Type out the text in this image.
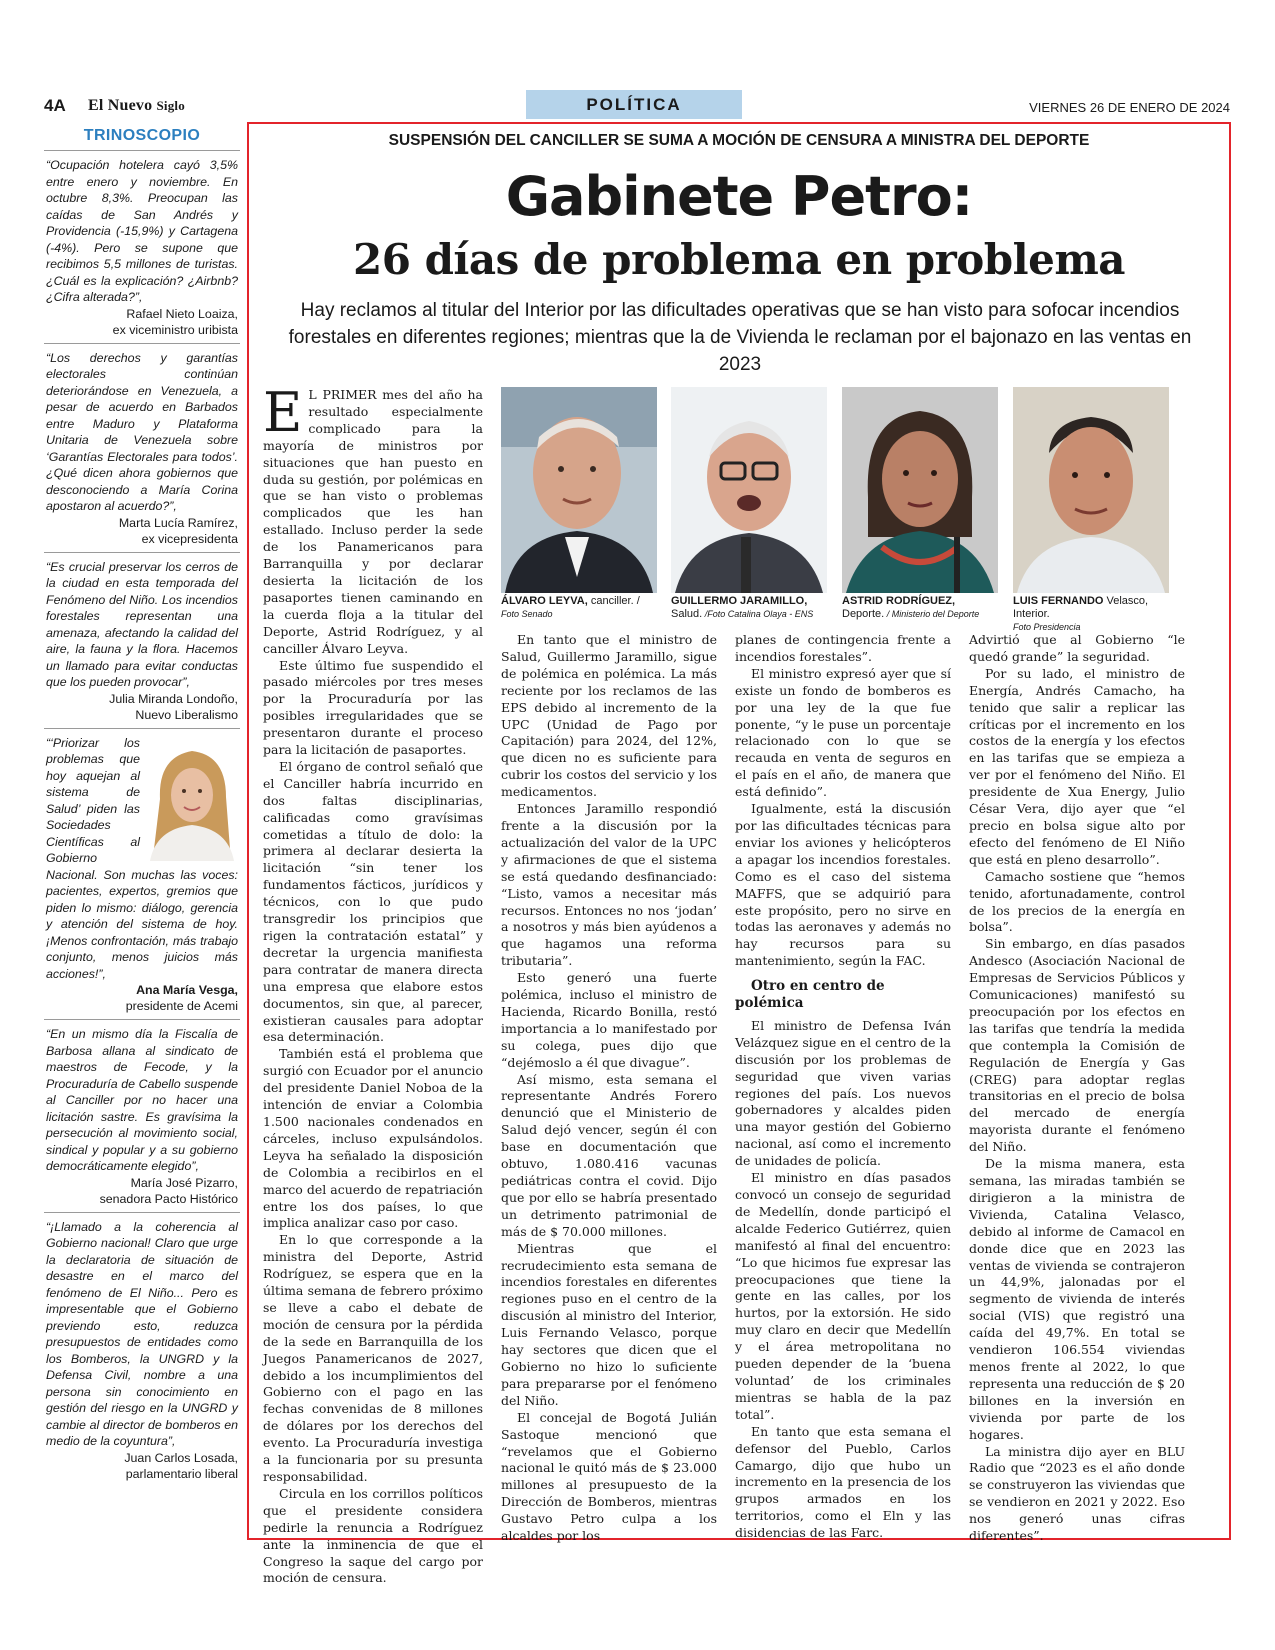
4A El Nuevo Siglo	POLÍTICA	VIERNES 26 DE ENERO DE 2024
TRINOSCOPIO

“Ocupación hotelera cayó 3,5% entre enero y noviembre. En octubre 8,3%. Preocupan las caídas de San Andrés y Providencia (-15,9%) y Cartagena (-4%). Pero se supone que recibimos 5,5 millones de turistas. ¿Cuál es la explicación? ¿Airbnb? ¿Cifra alterada?”,

Rafael Nieto Loaiza,

ex viceministro uribista

“Los derechos y garantías electorales continúan deteriorándose en Venezuela, a pesar de acuerdo en Barbados entre Maduro y Plataforma Unitaria de Venezuela sobre ‘Garantías Electorales para todos’. ¿Qué dicen ahora gobiernos que desconociendo a María Corina apostaron al acuerdo?”,

Marta Lucía Ramírez,

ex vicepresidenta

“Es crucial preservar los cerros de la ciudad en esta temporada del Fenómeno del Niño. Los incendios forestales representan una amenaza, afectando la calidad del aire, la fauna y la flora. Hacemos un llamado para evitar conductas que los pueden provocar”,

Julia Miranda Londoño,

Nuevo Liberalismo

“‘Priorizar los problemas que hoy aquejan al sistema de Salud’ piden las Sociedades Científicas al Gobierno Nacional. Son muchas las voces: pacientes, expertos, gremios que piden lo mismo: diálogo, gerencia y atención del sistema de hoy. ¡Menos confrontación, más trabajo conjunto, menos juicios más acciones!”,

Ana María Vesga,

presidente de Acemi

“En un mismo día la Fiscalía de Barbosa allana al sindicato de maestros de Fecode, y la Procuraduría de Cabello suspende al Canciller por no hacer una licitación sastre. Es gravísima la persecución al movimiento social, sindical y popular y a su gobierno democráticamente elegido”,

María José Pizarro,

senadora Pacto Histórico

“¡Llamado a la coherencia al Gobierno nacional! Claro que urge la declaratoria de situación de desastre en el marco del fenómeno de El Niño... Pero es impresentable que el Gobierno previendo esto, reduzca presupuestos de entidades como los Bomberos, la UNGRD y la Defensa Civil, nombre a una persona sin conocimiento en gestión del riesgo en la UNGRD y cambie al director de bomberos en medio de la coyuntura”,

Juan Carlos Losada,

parlamentario liberal

SUSPENSIÓN DEL CANCILLER SE SUMA A MOCIÓN DE CENSURA A MINISTRA DEL DEPORTE
Gabinete Petro:
26 días de problema en problema

Hay reclamos al titular del Interior por las dificultades operativas que se han visto para sofocar incendios forestales en diferentes regiones; mientras que la de Vivienda le reclaman por el bajonazo en las ventas en 2023

E L PRIMER mes del año ha resultado especialmente complicado para la mayoría de ministros por situaciones que han puesto en duda su gestión, por polémicas en que se han visto o problemas complicados que les han estallado. Incluso perder la sede de los Panamericanos para Barranquilla y por declarar desierta la licitación de los pasaportes tienen caminando en la cuerda floja a la titular del Deporte, Astrid Rodríguez, y al canciller Álvaro Leyva.

Este último fue suspendido el pasado miércoles por tres meses por la Procuraduría por las posibles irregularidades que se presentaron durante el proceso para la licitación de pasaportes.

El órgano de control señaló que el Canciller habría incurrido en dos faltas disciplinarias, calificadas como gravísimas cometidas a título de dolo: la primera al declarar desierta la licitación “sin tener los fundamentos fácticos, jurídicos y técnicos, con lo que pudo transgredir los principios que rigen la contratación estatal” y decretar la urgencia manifiesta para contratar de manera directa una empresa que elabore estos documentos, sin que, al parecer, existieran causales para adoptar esa determinación.

También está el problema que surgió con Ecuador por el anuncio del presidente Daniel Noboa de la intención de enviar a Colombia 1.500 nacionales condenados en cárceles, incluso expulsándolos. Leyva ha señalado la disposición de Colombia a recibirlos en el marco del acuerdo de repatriación entre los dos países, lo que implica analizar caso por caso.

En lo que corresponde a la ministra del Deporte, Astrid Rodríguez, se espera que en la última semana de febrero próximo se lleve a cabo el debate de moción de censura por la pérdida de la sede en Barranquilla de los Juegos Panamericanos de 2027, debido a los incumplimientos del Gobierno con el pago en las fechas convenidas de 8 millones de dólares por los derechos del evento. La Procuraduría investiga a la funcionaria por su presunta responsabilidad.

Circula en los corrillos políticos que el presidente considera pedirle la renuncia a Rodríguez ante la inminencia de que el Congreso la saque del cargo por moción de censura.

ÁLVARO LEYVA, canciller. /
Foto Senado
GUILLERMO JARAMILLO,
Salud. /Foto Catalina Olaya - ENS
ASTRID RODRÍGUEZ,
Deporte. / Ministerio del Deporte
LUIS FERNANDO Velasco, Interior.
Foto Presidencia

En tanto que el ministro de Salud, Guillermo Jaramillo, sigue de polémica en polémica. La más reciente por los reclamos de las EPS debido al incremento de la UPC (Unidad de Pago por Capitación) para 2024, del 12%, que dicen no es suficiente para cubrir los costos del servicio y los medicamentos.

Entonces Jaramillo respondió frente a la discusión por la actualización del valor de la UPC y afirmaciones de que el sistema se está quedando desfinanciado: “Listo, vamos a necesitar más recursos. Entonces no nos ‘jodan’ a nosotros y más bien ayúdenos a que hagamos una reforma tributaria”.

Esto generó una fuerte polémica, incluso el ministro de Hacienda, Ricardo Bonilla, restó importancia a lo manifestado por su colega, pues dijo que “dejémoslo a él que divague”.

Así mismo, esta semana el representante Andrés Forero denunció que el Ministerio de Salud dejó vencer, según él con base en documentación que obtuvo, 1.080.416 vacunas pediátricas contra el covid. Dijo que por ello se habría presentado un detrimento patrimonial de más de $ 70.000 millones.

Mientras que el recrudecimiento esta semana de incendios forestales en diferentes regiones puso en el centro de la discusión al ministro del Interior, Luis Fernando Velasco, porque hay sectores que dicen que el Gobierno no hizo lo suficiente para prepararse por el fenómeno del Niño.

El concejal de Bogotá Julián Sastoque mencionó que “revelamos que el Gobierno nacional le quitó más de $ 23.000 millones al presupuesto de la Dirección de Bomberos, mientras Gustavo Petro culpa a los alcaldes por los

planes de contingencia frente a incendios forestales”.

El ministro expresó ayer que sí existe un fondo de bomberos es por una ley de la que fue ponente, “y le puse un porcentaje relacionado con lo que se recauda en venta de seguros en el país en el año, de manera que está definido”.

Igualmente, está la discusión por las dificultades técnicas para enviar los aviones y helicópteros a apagar los incendios forestales. Como es el caso del sistema MAFFS, que se adquirió para este propósito, pero no sirve en todas las aeronaves y además no hay recursos para su mantenimiento, según la FAC.

Otro en centro de polémica

El ministro de Defensa Iván Velázquez sigue en el centro de la discusión por los problemas de seguridad que viven varias regiones del país. Los nuevos gobernadores y alcaldes piden una mayor gestión del Gobierno nacional, así como el incremento de unidades de policía.

El ministro en días pasados convocó un consejo de seguridad de Medellín, donde participó el alcalde Federico Gutiérrez, quien manifestó al final del encuentro: “Lo que hicimos fue expresar las preocupaciones que tiene la gente en las calles, por los hurtos, por la extorsión. He sido muy claro en decir que Medellín y el área metropolitana no pueden depender de la ‘buena voluntad’ de los criminales mientras se habla de la paz total”.

En tanto que esta semana el defensor del Pueblo, Carlos Camargo, dijo que hubo un incremento en la presencia de los grupos armados en los territorios, como el Eln y las disidencias de las Farc.

Advirtió que al Gobierno “le quedó grande” la seguridad.

Por su lado, el ministro de Energía, Andrés Camacho, ha tenido que salir a replicar las críticas por el incremento en los costos de la energía y los efectos en las tarifas que se empieza a ver por el fenómeno del Niño. El presidente de Xua Energy, Julio César Vera, dijo ayer que “el precio en bolsa sigue alto por efecto del fenómeno de El Niño que está en pleno desarrollo”.

Camacho sostiene que “hemos tenido, afortunadamente, control de los precios de la energía en bolsa”.

Sin embargo, en días pasados Andesco (Asociación Nacional de Empresas de Servicios Públicos y Comunicaciones) manifestó su preocupación por los efectos en las tarifas que tendría la medida que contempla la Comisión de Regulación de Energía y Gas (CREG) para adoptar reglas transitorias en el precio de bolsa del mercado de energía mayorista durante el fenómeno del Niño.

De la misma manera, esta semana, las miradas también se dirigieron a la ministra de Vivienda, Catalina Velasco, debido al informe de Camacol en donde dice que en 2023 las ventas de vivienda se contrajeron un 44,9%, jalonadas por el segmento de vivienda de interés social (VIS) que registró una caída del 49,7%. En total se vendieron 106.554 viviendas menos frente al 2022, lo que representa una reducción de $ 20 billones en la inversión en vivienda por parte de los hogares.

La ministra dijo ayer en BLU Radio que “2023 es el año donde se construyeron las viviendas que se vendieron en 2021 y 2022. Eso nos generó unas cifras diferentes”.
